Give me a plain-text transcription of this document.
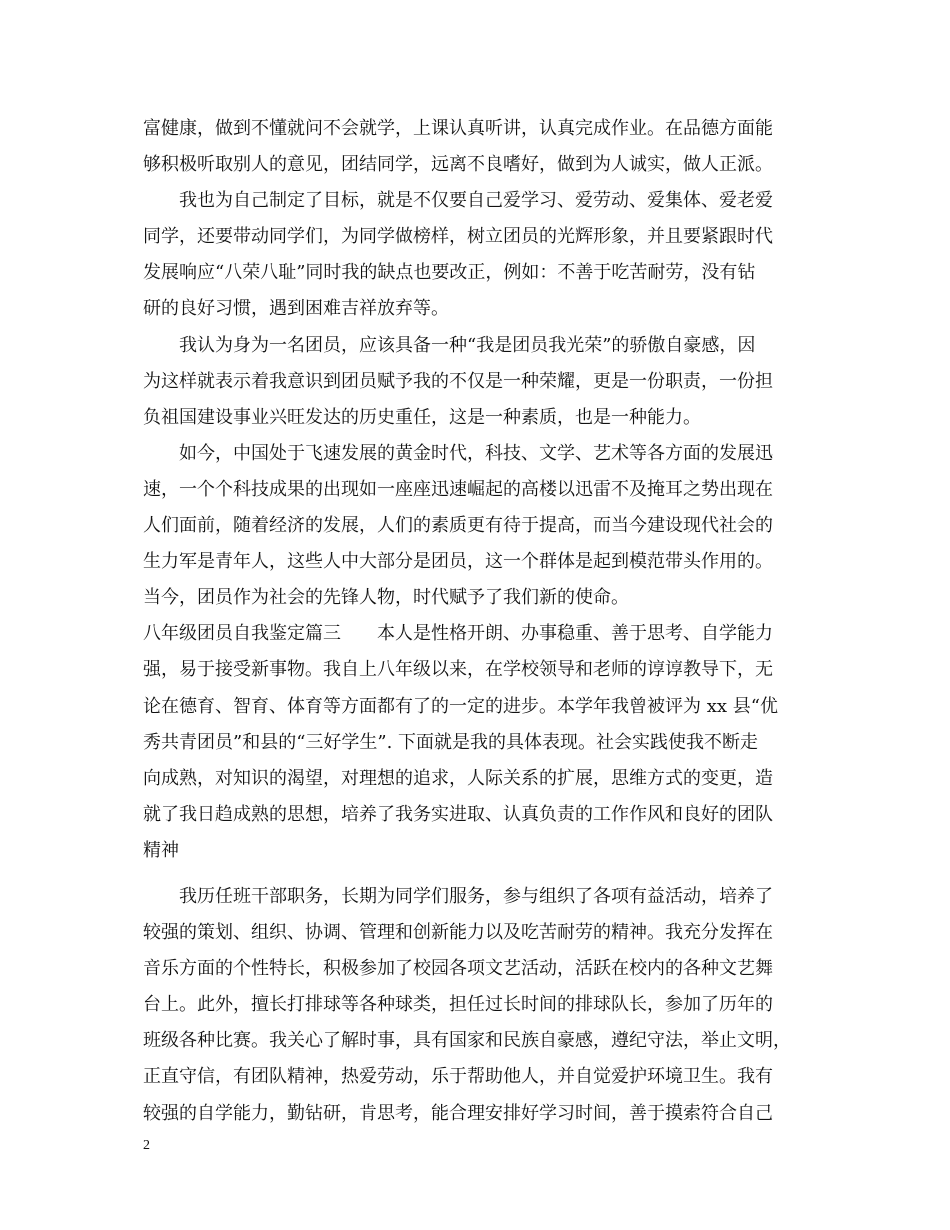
富健康，做到不懂就问不会就学，上课认真听讲，认真完成作业。在品德方面能
够积极听取别人的意见，团结同学，远离不良嗜好，做到为人诚实，做人正派。
我也为自己制定了目标，就是不仅要自己爱学习、爱劳动、爱集体、爱老爱
同学，还要带动同学们，为同学做榜样，树立团员的光辉形象，并且要紧跟时代
发展响应“八荣八耻”同时我的缺点也要改正，例如：不善于吃苦耐劳，没有钻
研的良好习惯，遇到困难吉祥放弃等。
我认为身为一名团员，应该具备一种“我是团员我光荣”的骄傲自豪感，因
为这样就表示着我意识到团员赋予我的不仅是一种荣耀，更是一份职责，一份担
负祖国建设事业兴旺发达的历史重任，这是一种素质，也是一种能力。
如今，中国处于飞速发展的黄金时代，科技、文学、艺术等各方面的发展迅
速，一个个科技成果的出现如一座座迅速崛起的高楼以迅雷不及掩耳之势出现在
人们面前，随着经济的发展，人们的素质更有待于提高，而当今建设现代社会的
生力军是青年人，这些人中大部分是团员，这一个群体是起到模范带头作用的。
当今，团员作为社会的先锋人物，时代赋予了我们新的使命。
八年级团员自我鉴定篇三　　本人是性格开朗、办事稳重、善于思考、自学能力
强，易于接受新事物。我自上八年级以来，在学校领导和老师的谆谆教导下，无
论在德育、智育、体育等方面都有了的一定的进步。本学年我曾被评为 xx 县“优
秀共青团员”和县的“三好学生”. 下面就是我的具体表现。社会实践使我不断走
向成熟，对知识的渴望，对理想的追求，人际关系的扩展，思维方式的变更，造
就了我日趋成熟的思想，培养了我务实进取、认真负责的工作作风和良好的团队
精神
我历任班干部职务，长期为同学们服务，参与组织了各项有益活动，培养了
较强的策划、组织、协调、管理和创新能力以及吃苦耐劳的精神。我充分发挥在
音乐方面的个性特长，积极参加了校园各项文艺活动，活跃在校内的各种文艺舞
台上。此外，擅长打排球等各种球类，担任过长时间的排球队长，参加了历年的
班级各种比赛。我关心了解时事，具有国家和民族自豪感，遵纪守法，举止文明，
正直守信，有团队精神，热爱劳动，乐于帮助他人，并自觉爱护环境卫生。我有
较强的自学能力，勤钻研，肯思考，能合理安排好学习时间，善于摸索符合自己
2
